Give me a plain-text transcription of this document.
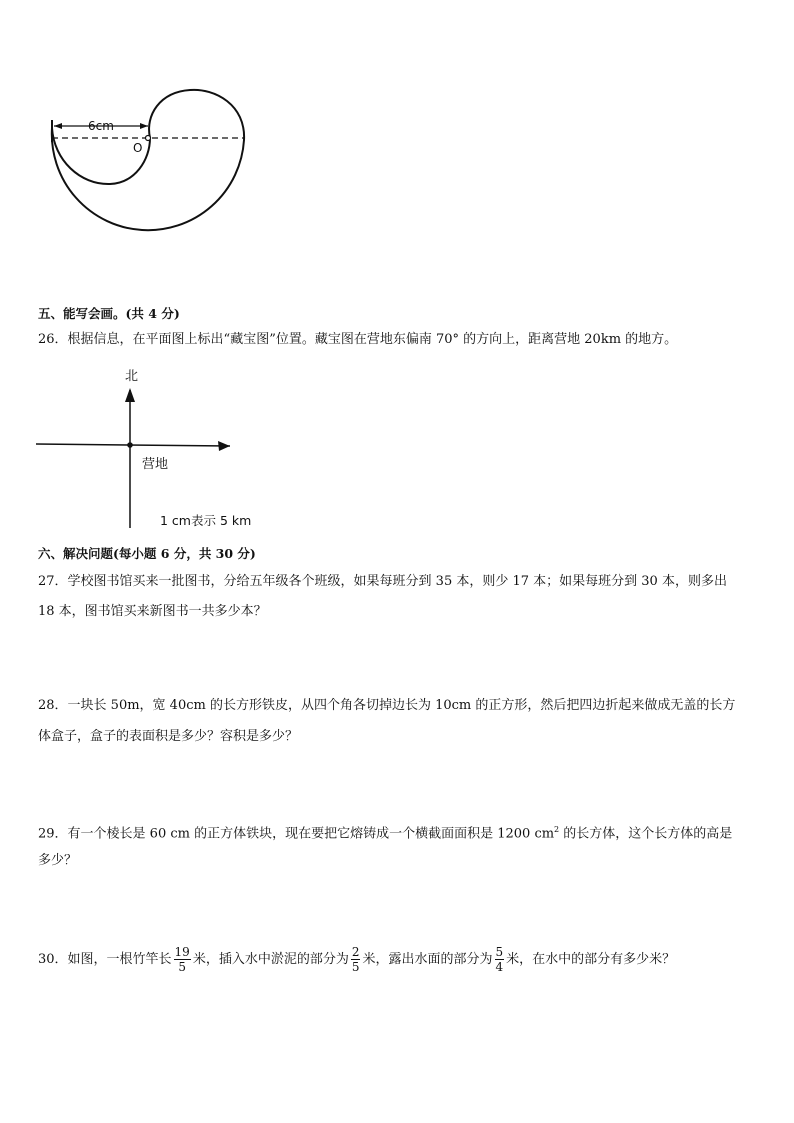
6cm
O
五、能写会画。(共 4 分)
26．根据信息，在平面图上标出“藏宝图”位置。藏宝图在营地东偏南 70° 的方向上，距离营地 20km 的地方。
北
营地
1 cm表示 5 km
六、解决问题(每小题 6 分，共 30 分)
27．学校图书馆买来一批图书，分给五年级各个班级，如果每班分到 35 本，则少 17 本；如果每班分到 30 本，则多出
18 本，图书馆买来新图书一共多少本？
28．一块长 50m，宽 40cm 的长方形铁皮，从四个角各切掉边长为 10cm 的正方形，然后把四边折起来做成无盖的长方
体盒子，盒子的表面积是多少？容积是多少？
29．有一个棱长是 60 cm 的正方体铁块，现在要把它熔铸成一个横截面面积是 1200 $cm^2$ 的长方体，这个长方体的高是
多少？
30．如图，一根竹竿长 $\frac{19}{5}$ 米，插入水中淤泥的部分为 $\frac{2}{5}$ 米，露出水面的部分为 $\frac{5}{4}$ 米，在水中的部分有多少米？
